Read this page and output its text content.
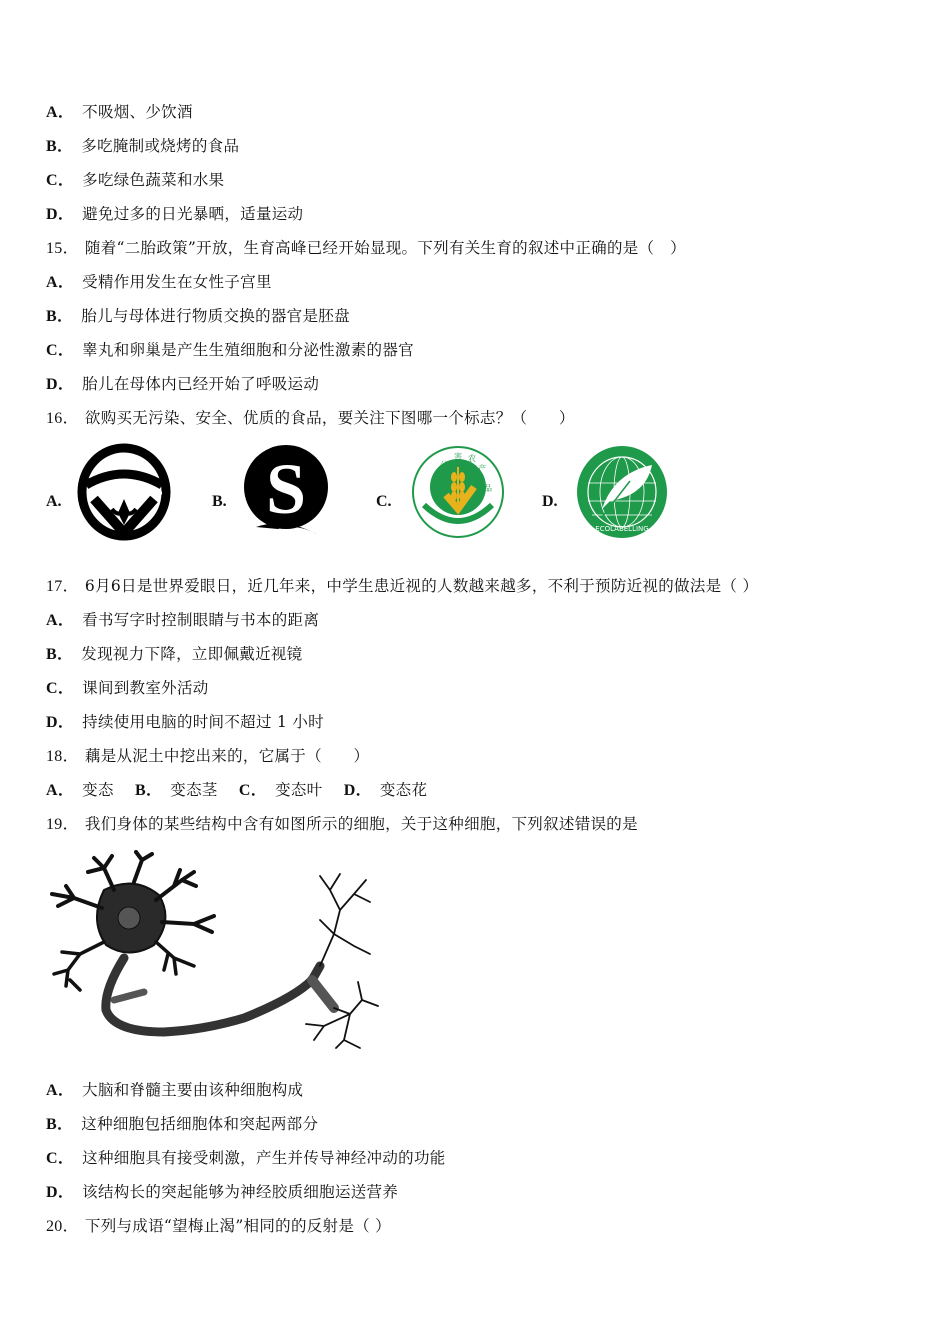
A． 不吸烟、少饮酒
B． 多吃腌制或烧烤的食品
C． 多吃绿色蔬菜和水果
D． 避免过多的日光暴晒，适量运动
15． 随着“二胎政策”开放，生育高峰已经开始显现。下列有关生育的叙述中正确的是（　）
A． 受精作用发生在女性子宫里
B． 胎儿与母体进行物质交换的器官是胚盘
C． 睾丸和卵巢是产生生殖细胞和分泌性激素的器官
D． 胎儿在母体内已经开始了呼吸运动
16． 欲购买无污染、安全、优质的食品，要关注下图哪一个标志？（　　）
A.	B. S	C.
无
公
害 农
产
品
D.
ECOLABELLING
17． 6月6日是世界爱眼日，近几年来，中学生患近视的人数越来越多，不利于预防近视的做法是（ ）
A． 看书写字时控制眼睛与书本的距离
B． 发现视力下降，立即佩戴近视镜
C． 课间到教室外活动
D． 持续使用电脑的时间不超过 1 小时
18． 藕是从泥土中挖出来的，它属于（　　）
A． 变态 B． 变态茎 C． 变态叶 D． 变态花
19． 我们身体的某些结构中含有如图所示的细胞，关于这种细胞，下列叙述错误的是
A． 大脑和脊髓主要由该种细胞构成
B． 这种细胞包括细胞体和突起两部分
C． 这种细胞具有接受刺激，产生并传导神经冲动的功能
D． 该结构长的突起能够为神经胶质细胞运送营养
20． 下列与成语“望梅止渴”相同的的反射是（ ）
